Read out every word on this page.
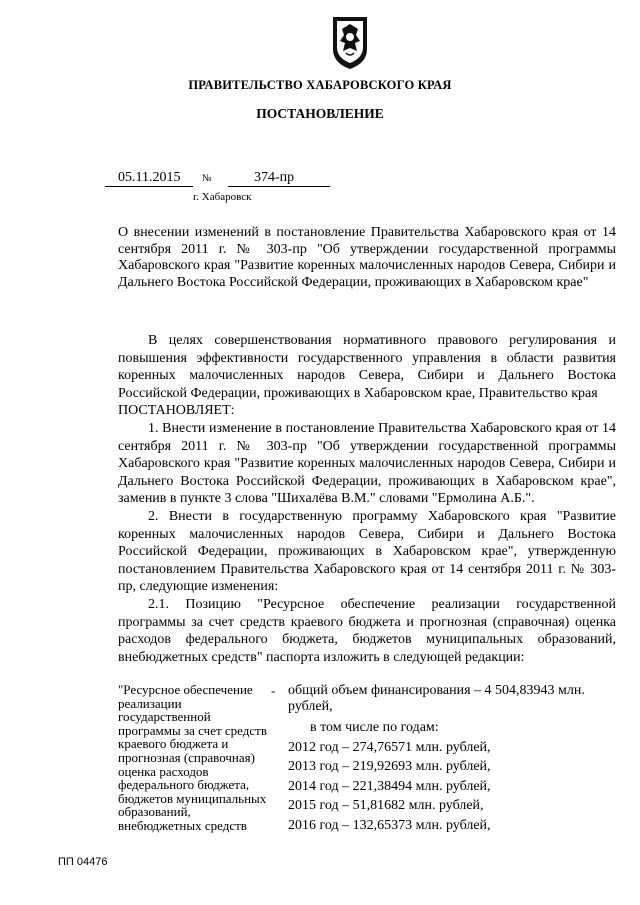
ПРАВИТЕЛЬСТВО ХАБАРОВСКОГО КРАЯ
ПОСТАНОВЛЕНИЕ
05.11.2015 №	374-пр
г. Хабаровск
О внесении изменений в постановление Правительства Хабаровского края от 14 сентября 2011 г. № 303-пр "Об утверждении государственной программы Хабаровского края "Развитие коренных малочисленных народов Севера, Сибири и Дальнего Востока Российской Федерации, проживающих в Хабаровском крае"

В целях совершенствования нормативного правового регулирования и повышения эффективности государственного управления в области развития коренных малочисленных народов Севера, Сибири и Дальнего Востока Российской Федерации, проживающих в Хабаровском крае, Правительство края

ПОСТАНОВЛЯЕТ:

1. Внести изменение в постановление Правительства Хабаровского края от 14 сентября 2011 г. № 303-пр "Об утверждении государственной программы Хабаровского края "Развитие коренных малочисленных народов Севера, Сибири и Дальнего Востока Российской Федерации, проживающих в Хабаровском крае", заменив в пункте 3 слова "Шихалёва В.М." словами "Ермолина А.Б.".

2. Внести в государственную программу Хабаровского края "Развитие коренных малочисленных народов Севера, Сибири и Дальнего Востока Российской Федерации, проживающих в Хабаровском крае", утвержденную постановлением Правительства Хабаровского края от 14 сентября 2011 г. № 303-пр, следующие изменения:

2.1. Позицию "Ресурсное обеспечение реализации государственной программы за счет средств краевого бюджета и прогнозная (справочная) оценка расходов федерального бюджета, бюджетов муниципальных образований, внебюджетных средств" паспорта изложить в следующей редакции:

"Ресурсное обеспечение реализации государственной программы за счет средств краевого бюджета и прогнозная (справочная) оценка расходов федерального бюджета, бюджетов муниципальных образований, внебюджетных средств
- общий объем финансирования – 4 504,83943 млн. рублей,
в том числе по годам:
2012 год – 274,76571 млн. рублей,
2013 год – 219,92693 млн. рублей,
2014 год – 221,38494 млн. рублей,
2015 год – 51,81682 млн. рублей,
2016 год – 132,65373 млн. рублей,
ПП 04476
